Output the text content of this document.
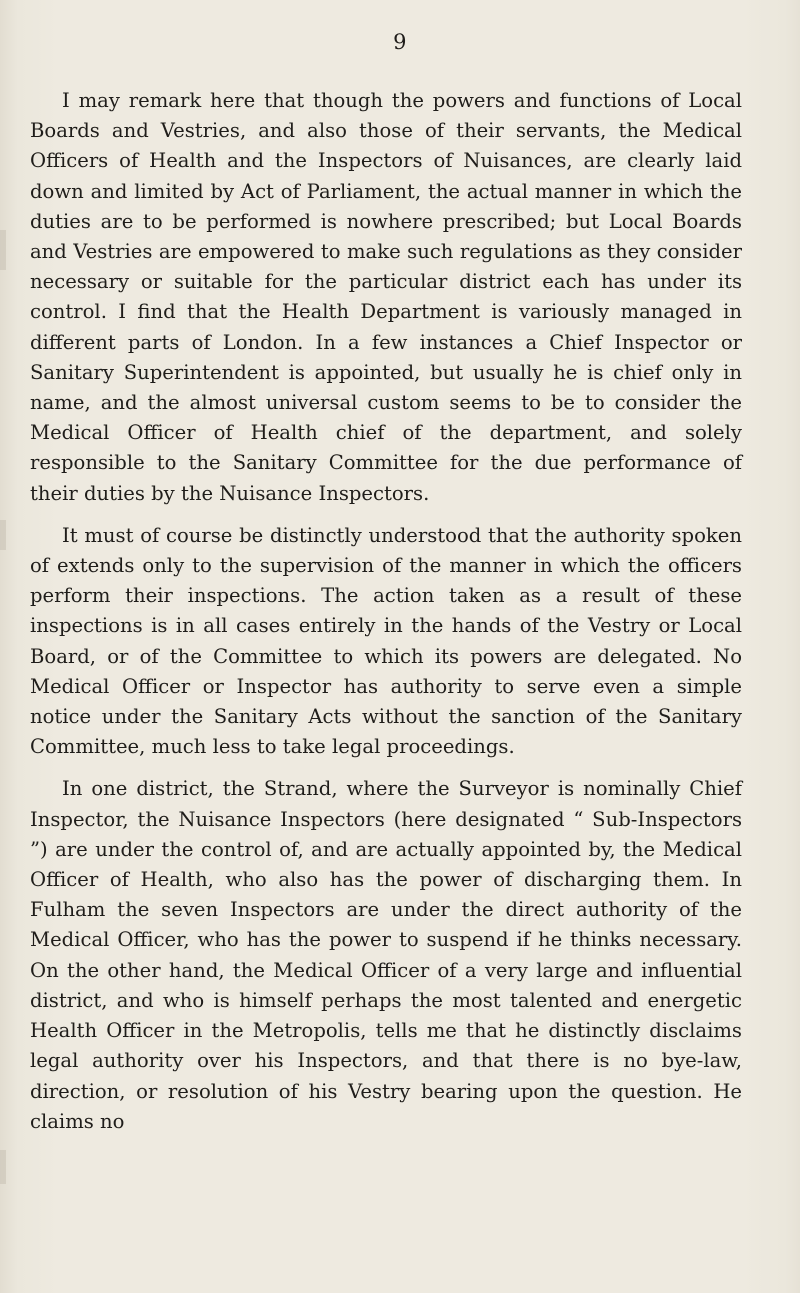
9

I may remark here that though the powers and functions of Local Boards and Vestries, and also those of their servants, the Medical Officers of Health and the Inspectors of Nuisances, are clearly laid down and limited by Act of Parliament, the actual manner in which the duties are to be performed is nowhere prescribed; but Local Boards and Vestries are empowered to make such regulations as they consider necessary or suitable for the particular district each has under its control. I find that the Health Department is variously managed in different parts of London. In a few instances a Chief Inspector or Sanitary Superintendent is appointed, but usually he is chief only in name, and the almost universal custom seems to be to consider the Medical Officer of Health chief of the department, and solely responsible to the Sanitary Committee for the due performance of their duties by the Nuisance Inspectors.

It must of course be distinctly understood that the authority spoken of extends only to the supervision of the manner in which the officers perform their inspections. The action taken as a result of these inspections is in all cases entirely in the hands of the Vestry or Local Board, or of the Committee to which its powers are delegated. No Medical Officer or Inspector has authority to serve even a simple notice under the Sanitary Acts without the sanction of the Sanitary Committee, much less to take legal proceedings.

In one district, the Strand, where the Surveyor is nominally Chief Inspector, the Nuisance Inspectors (here designated “ Sub-Inspectors ”) are under the control of, and are actually appointed by, the Medical Officer of Health, who also has the power of discharging them. In Fulham the seven Inspectors are under the direct authority of the Medical Officer, who has the power to suspend if he thinks necessary. On the other hand, the Medical Officer of a very large and influential district, and who is himself perhaps the most talented and energetic Health Officer in the Metropolis, tells me that he distinctly disclaims legal authority over his Inspectors, and that there is no bye-law, direction, or resolution of his Vestry bearing upon the question. He claims no
